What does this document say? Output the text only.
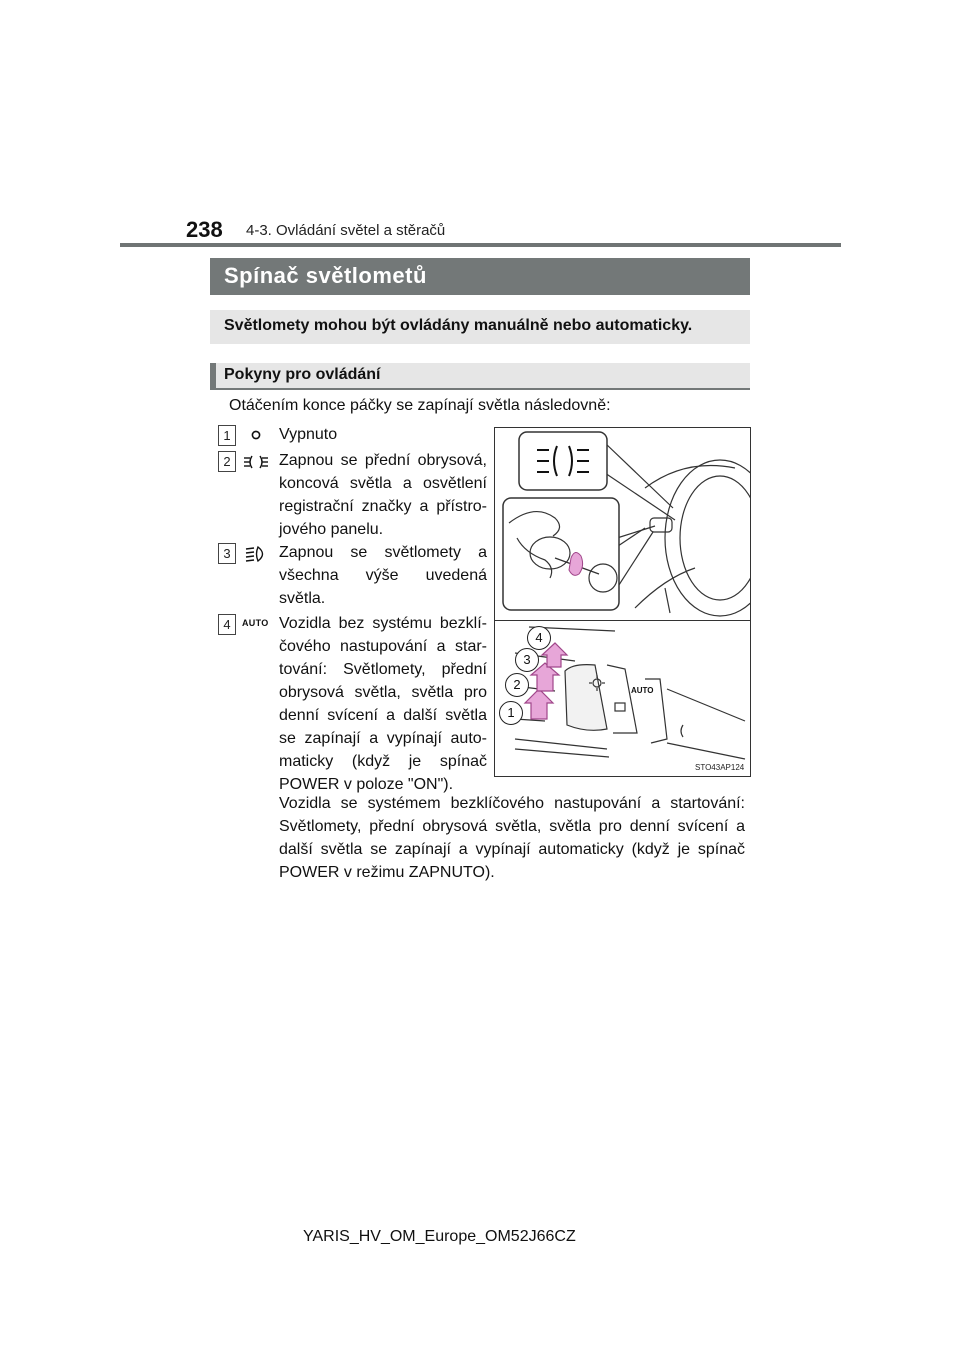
238 4-3. Ovládání světel a stěračů
Spínač světlometů
Světlomety mohou být ovládány manuálně nebo automaticky.
Pokyny pro ovládání
Otáčením konce páčky se zapínají světla následovně:
1	Vypnuto
2	Zapnou se přední obrysová, koncová světla a osvětlení registrační značky a přístrojového panelu.
3	Zapnou se světlomety a všechna výše uvedená světla.
4	AUTO Vozidla bez systému bezklíčového nastupování a startování: Světlomety, přední obrysová světla, světla pro denní svícení a další světla se zapínají a vypínají automaticky (když je spínač POWER v poloze "ON").
Vozidla se systémem bezklíčového nastupování a startování: Světlomety, přední obrysová světla, světla pro denní svícení a další světla se zapínají a vypínají automaticky (když je spínač POWER v režimu ZAPNUTO).
AUTO
1
2
3
4
STO43AP124
YARIS_HV_OM_Europe_OM52J66CZ
